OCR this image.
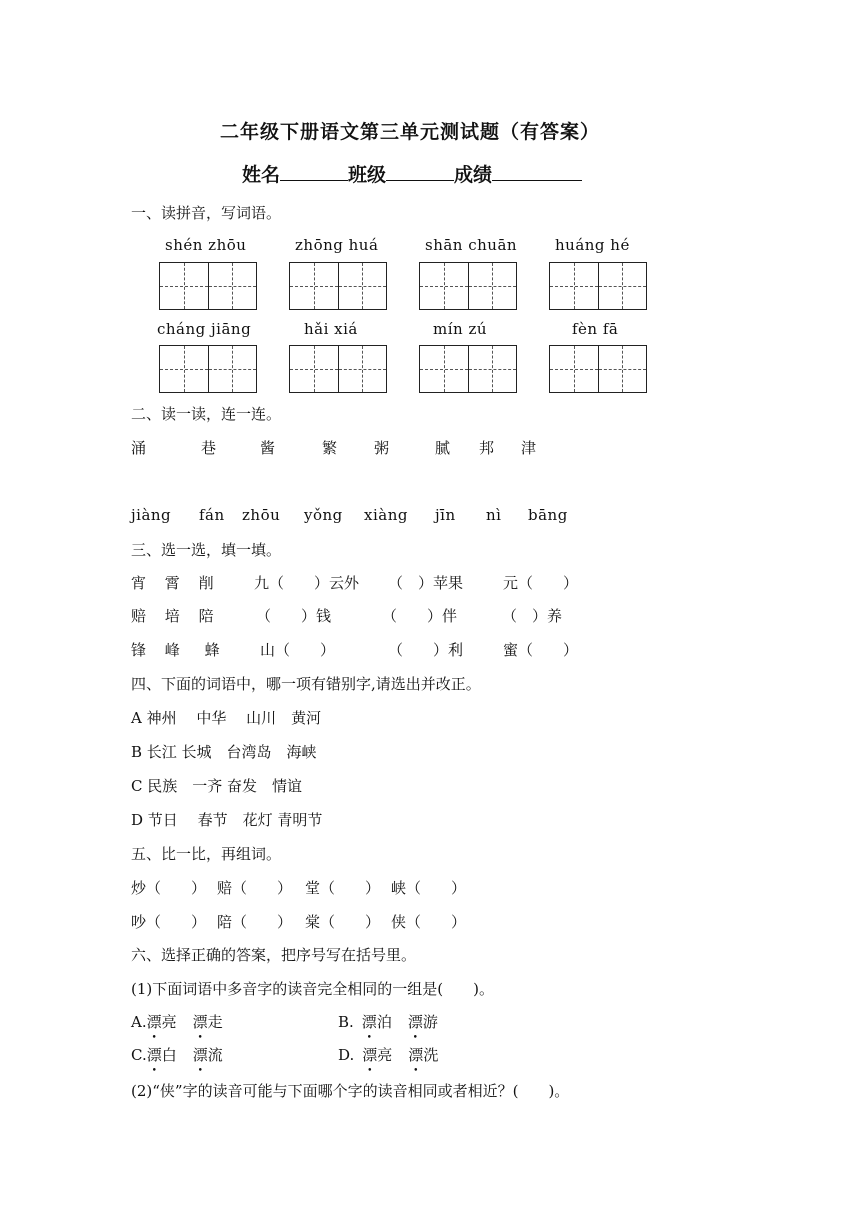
二年级下册语文第三单元测试题（有答案）
姓名	班级	成绩
一、读拼音，写词语。
shén zhōu	zhōng huá	shān chuān	huáng hé
cháng jiāng	hǎi xiá	mín zú	fèn fā
二、读一读，连一连。
涌	巷	酱	繁 粥	腻 邦 津
jiàng fán zhōu yǒng xiàng jīn nì bāng
三、选一选，填一填。
宵 霄 削	九（　　）云外 （　）苹果	元（　　）
赔 培 陪	（　　）钱	（　　）伴	（　）养
锋 峰 蜂	山（　　）	（　　）利	蜜（　　）
四、下面的词语中，哪一项有错别字,请选出并改正。
A 神州　 中华　 山川　黄河
B 长江 长城　台湾岛　海峡
C 民族　一齐 奋发　情谊
D 节日　 春节　花灯 青明节
五、比一比，再组词。
炒（　　） 赔（　　） 堂（　　） 峡（　　）
吵（　　） 陪（　　） 棠（　　） 侠（　　）
六、选择正确的答案，把序号写在括号里。
(1)下面词语中多音字的读音完全相同的一组是(　　)。
A.漂亮 漂走	B. 漂泊 漂游
C.漂白 漂流	D. 漂亮 漂洗
(2)“侠”字的读音可能与下面哪个字的读音相同或者相近？(　　)。
